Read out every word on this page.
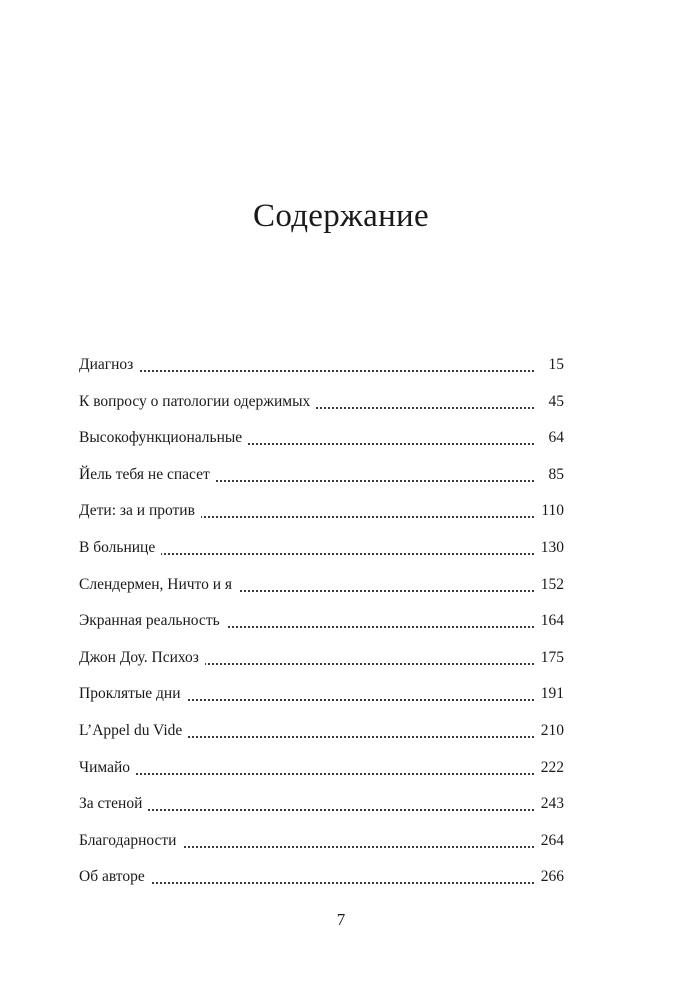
Содержание
Диагноз	15
К вопросу о патологии одержимых	45
Высокофункциональные	64
Йель тебя не спасет	85
Дети: за и против	110
В больнице	130
Слендермен, Ничто и я	152
Экранная реальность	164
Джон Доу. Психоз	175
Проклятые дни	191
L’Appel du Vide	210
Чимайо	222
За стеной	243
Благодарности	264
Об авторе	266
7
